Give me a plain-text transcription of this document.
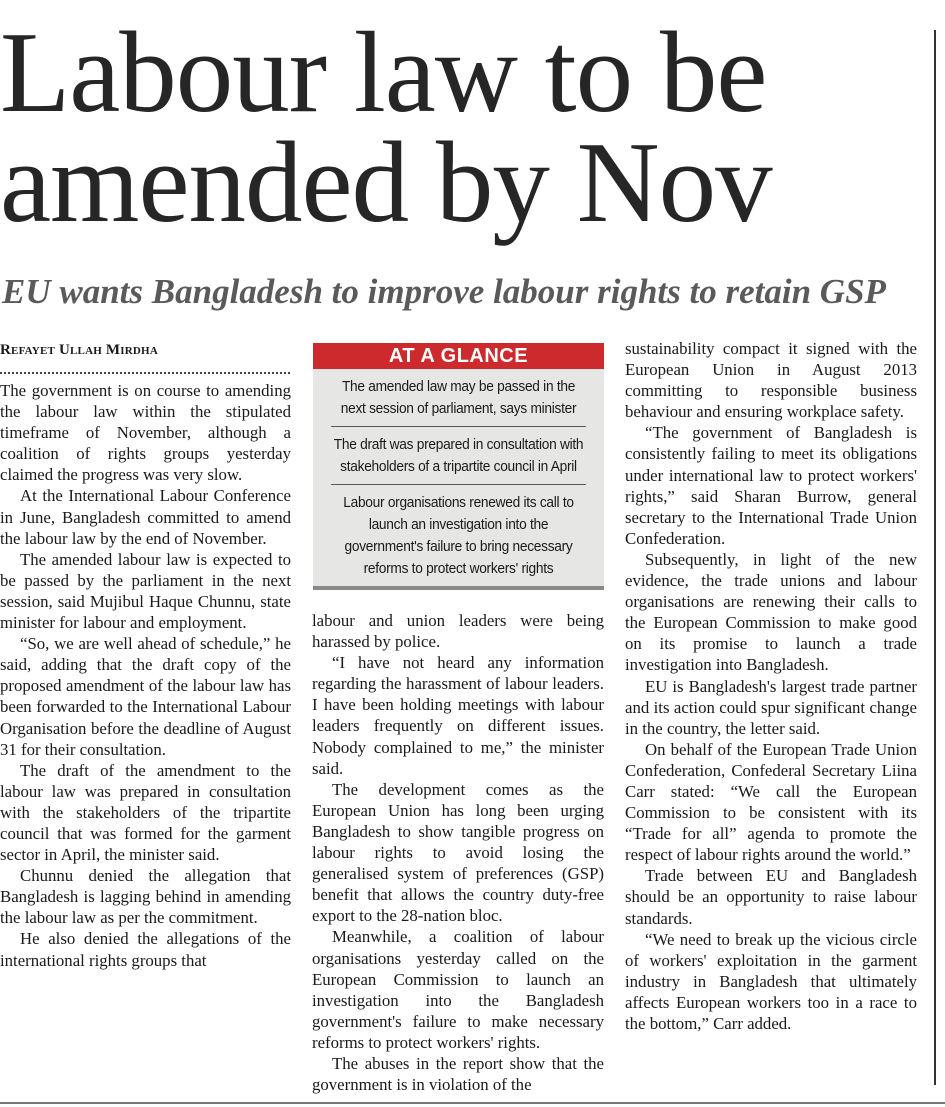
Labour law to be amended by Nov
EU wants Bangladesh to improve labour rights to retain GSP
Refayet Ullah Mirdha

The government is on course to amending the labour law within the stipulated timeframe of November, although a coalition of rights groups yesterday claimed the progress was very slow.

At the International Labour Conference in June, Bangladesh committed to amend the labour law by the end of November.

The amended labour law is expected to be passed by the parliament in the next session, said Mujibul Haque Chunnu, state minister for labour and employment.

“So, we are well ahead of schedule,” he said, adding that the draft copy of the proposed amendment of the labour law has been forwarded to the International Labour Organisation before the deadline of August 31 for their consultation.

The draft of the amendment to the labour law was prepared in consultation with the stakeholders of the tripartite council that was formed for the garment sector in April, the minister said.

Chunnu denied the allegation that Bangladesh is lagging behind in amending the labour law as per the commitment.

He also denied the allegations of the international rights groups that

AT A GLANCE
The amended law may be passed in the next session of parliament, says minister
The draft was prepared in consultation with stakeholders of a tripartite council in April
Labour organisations renewed its call to launch an investigation into the government's failure to bring necessary reforms to protect workers' rights

labour and union leaders were being harassed by police.

“I have not heard any information regarding the harassment of labour leaders. I have been holding meetings with labour leaders frequently on different issues. Nobody complained to me,” the minister said.

The development comes as the European Union has long been urging Bangladesh to show tangible progress on labour rights to avoid losing the generalised system of preferences (GSP) benefit that allows the country duty-free export to the 28-nation bloc.

Meanwhile, a coalition of labour organisations yesterday called on the European Commission to launch an investigation into the Bangladesh government's failure to make necessary reforms to protect workers' rights.

The abuses in the report show that the government is in violation of the

sustainability compact it signed with the European Union in August 2013 committing to responsible business behaviour and ensuring workplace safety.

“The government of Bangladesh is consistently failing to meet its obligations under international law to protect workers' rights,” said Sharan Burrow, general secretary to the International Trade Union Confederation.

Subsequently, in light of the new evidence, the trade unions and labour organisations are renewing their calls to the European Commission to make good on its promise to launch a trade investigation into Bangladesh.

EU is Bangladesh's largest trade partner and its action could spur significant change in the country, the letter said.

On behalf of the European Trade Union Confederation, Confederal Secretary Liina Carr stated: “We call the European Commission to be consistent with its “Trade for all” agenda to promote the respect of labour rights around the world.”

Trade between EU and Bangladesh should be an opportunity to raise labour standards.

“We need to break up the vicious circle of workers' exploitation in the garment industry in Bangladesh that ultimately affects European workers too in a race to the bottom,” Carr added.
